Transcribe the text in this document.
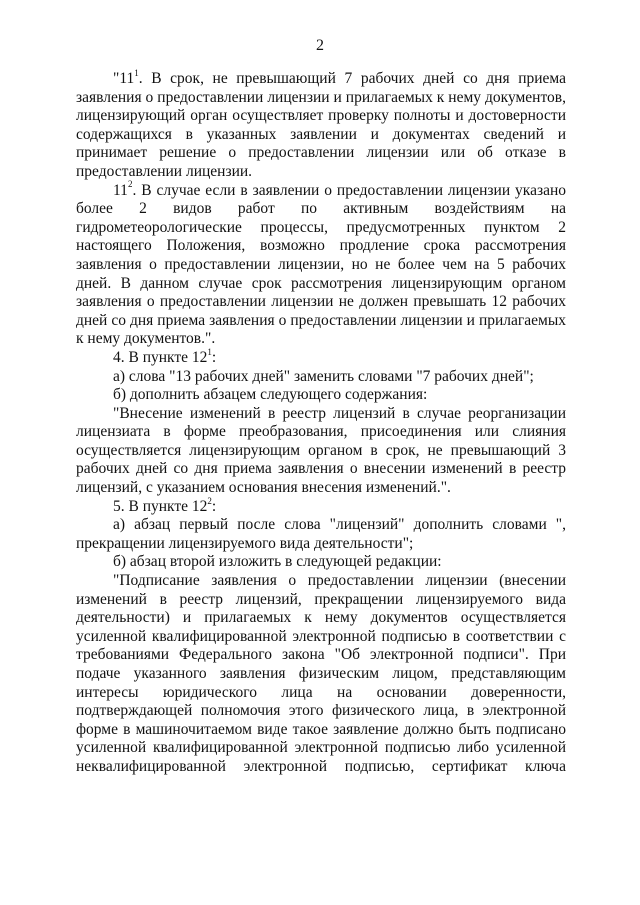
2

"$11^1$. В срок, не превышающий 7 рабочих дней со дня приема заявления о предоставлении лицензии и прилагаемых к нему документов, лицензирующий орган осуществляет проверку полноты и достоверности содержащихся в указанных заявлении и документах сведений и принимает решение о предоставлении лицензии или об отказе в предоставлении лицензии.

$11^2$. В случае если в заявлении о предоставлении лицензии указано более 2 видов работ по активным воздействиям на гидрометеорологические процессы, предусмотренных пунктом 2 настоящего Положения, возможно продление срока рассмотрения заявления о предоставлении лицензии, но не более чем на 5 рабочих дней. В данном случае срок рассмотрения лицензирующим органом заявления о предоставлении лицензии не должен превышать 12 рабочих дней со дня приема заявления о предоставлении лицензии и прилагаемых к нему документов.".

4. В пункте $12^1$:

а) слова "13 рабочих дней" заменить словами "7 рабочих дней";

б) дополнить абзацем следующего содержания:

"Внесение изменений в реестр лицензий в случае реорганизации лицензиата в форме преобразования, присоединения или слияния осуществляется лицензирующим органом в срок, не превышающий 3 рабочих дней со дня приема заявления о внесении изменений в реестр лицензий, с указанием основания внесения изменений.".

5. В пункте $12^2$:

а) абзац первый после слова "лицензий" дополнить словами ", прекращении лицензируемого вида деятельности";

б) абзац второй изложить в следующей редакции:

"Подписание заявления о предоставлении лицензии (внесении изменений в реестр лицензий, прекращении лицензируемого вида деятельности) и прилагаемых к нему документов осуществляется усиленной квалифицированной электронной подписью в соответствии с требованиями Федерального закона "Об электронной подписи". При подаче указанного заявления физическим лицом, представляющим интересы юридического лица на основании доверенности, подтверждающей полномочия этого физического лица, в электронной форме в машиночитаемом виде такое заявление должно быть подписано усиленной квалифицированной электронной подписью либо усиленной неквалифицированной электронной подписью, сертификат ключа
